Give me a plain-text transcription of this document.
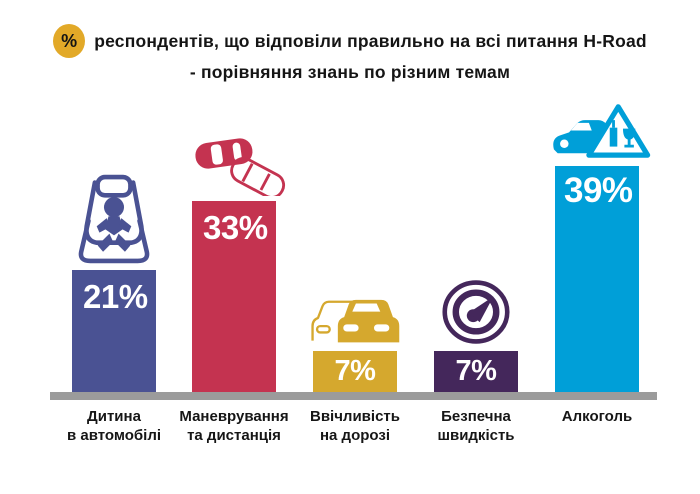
% респондентів, що відповіли правильно на всі питання H-Road
- порівняння знань по різним темам
21%
Дитина
в автомобілі
33%
Маневрування
та дистанція
7%
Ввічливість
на дорозі
7%
Безпечна
швидкість
39%
Алкоголь
